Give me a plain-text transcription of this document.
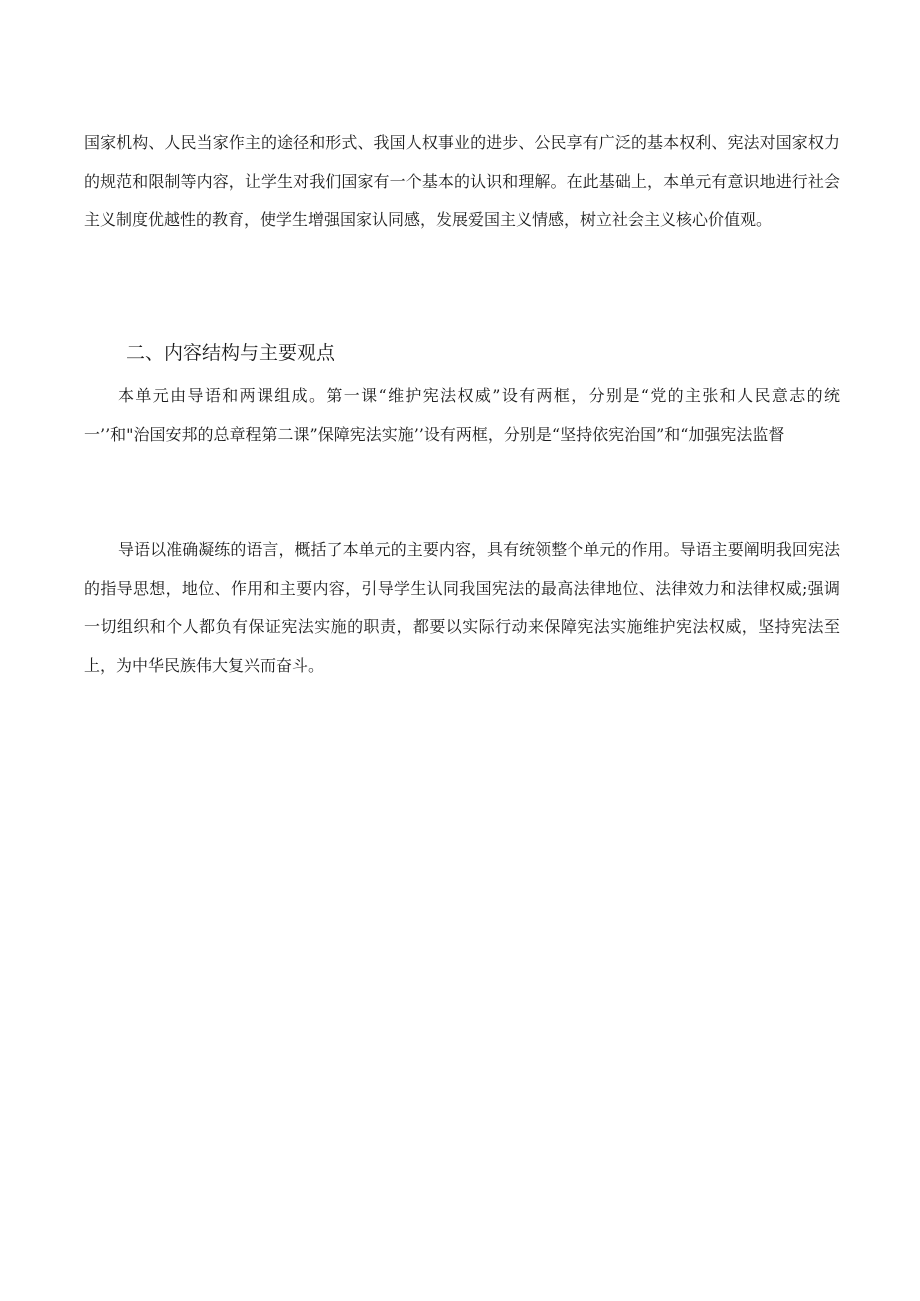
国家机构、人民当家作主的途径和形式、我国人权事业的进步、公民享有广泛的基本权利、宪法对国家权力的规范和限制等内容，让学生对我们国家有一个基本的认识和理解。在此基础上，本单元有意识地进行社会主义制度优越性的教育，使学生增强国家认同感，发展爱国主义情感，树立社会主义核心价值观。

二、内容结构与主要观点

本单元由导语和两课组成。第一课“维护宪法权威”设有两框，分别是“党的主张和人民意志的统一’’和"治国安邦的总章程第二课”保障宪法实施’’设有两框，分别是“坚持依宪治国”和“加强宪法监督

导语以准确凝练的语言，概括了本单元的主要内容，具有统领整个单元的作用。导语主要阐明我回宪法的指导思想，地位、作用和主要内容，引导学生认同我国宪法的最高法律地位、法律效力和法律权威;强调一切组织和个人都负有保证宪法实施的职责，都要以实际行动来保障宪法实施维护宪法权威，坚持宪法至上，为中华民族伟大复兴而奋斗。
